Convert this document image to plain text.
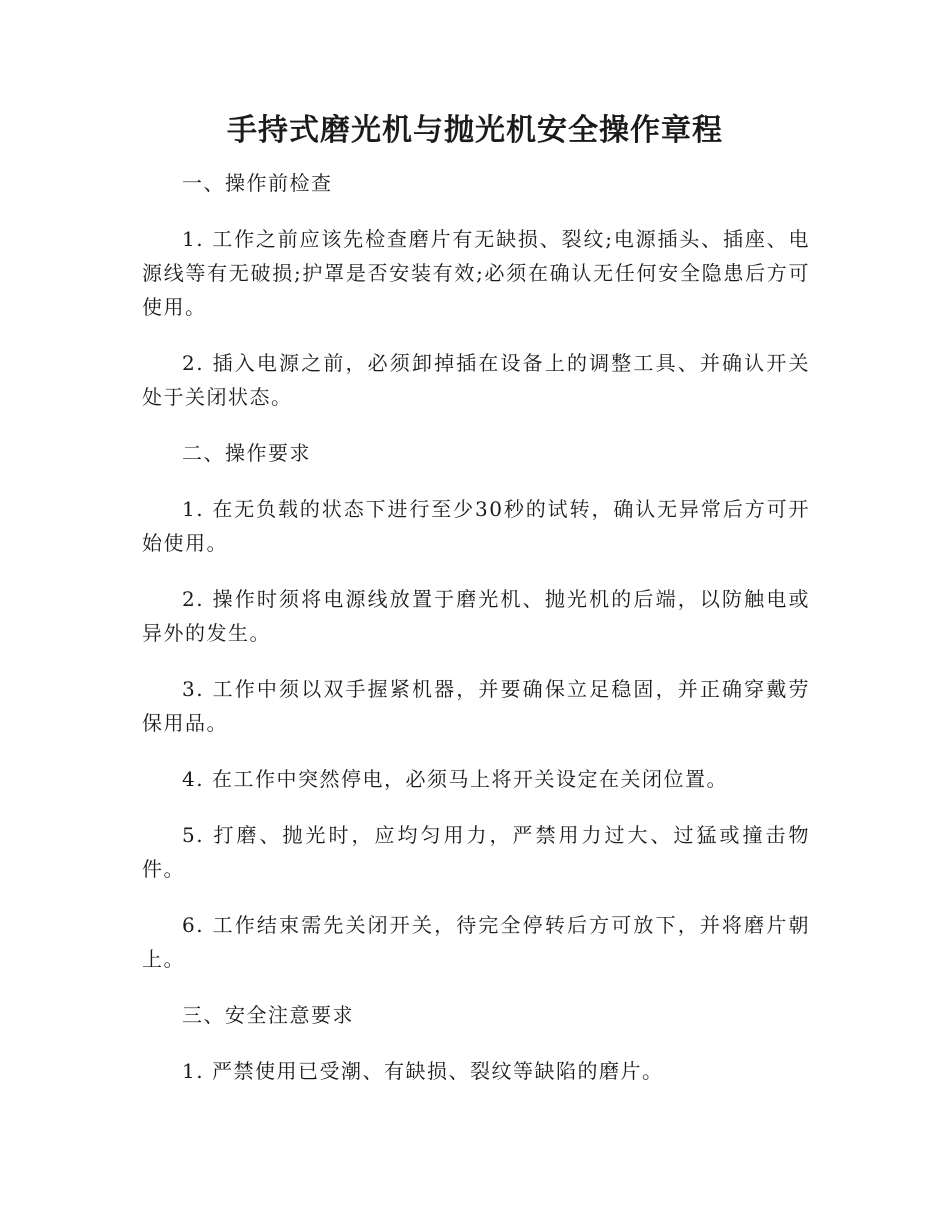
手持式磨光机与抛光机安全操作章程

一、操作前检查

1. 工作之前应该先检查磨片有无缺损、裂纹;电源插头、插座、电源线等有无破损;护罩是否安装有效;必须在确认无任何安全隐患后方可使用。

2. 插入电源之前，必须卸掉插在设备上的调整工具、并确认开关处于关闭状态。

二、操作要求

1. 在无负载的状态下进行至少30秒的试转，确认无异常后方可开始使用。

2. 操作时须将电源线放置于磨光机、抛光机的后端，以防触电或异外的发生。

3. 工作中须以双手握紧机器，并要确保立足稳固，并正确穿戴劳保用品。

4. 在工作中突然停电，必须马上将开关设定在关闭位置。

5. 打磨、抛光时，应均匀用力，严禁用力过大、过猛或撞击物件。

6. 工作结束需先关闭开关，待完全停转后方可放下，并将磨片朝上。

三、安全注意要求

1. 严禁使用已受潮、有缺损、裂纹等缺陷的磨片。
